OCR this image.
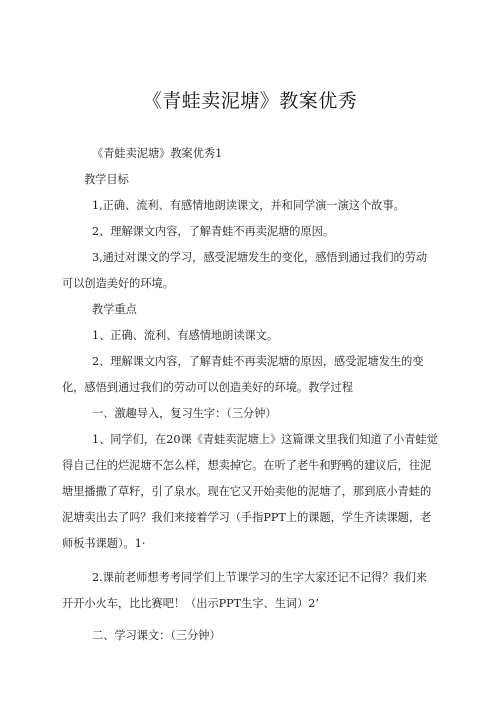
《青蛙卖泥塘》教案优秀
《青蛙卖泥塘》教案优秀1
教学目标
1,正确、流利、有感情地朗读课文，并和同学演一演这个故事。
2、理解课文内容，了解青蛙不再卖泥塘的原因。
3,通过对课文的学习，感受泥塘发生的变化，感悟到通过我们的劳动
可以创造美好的环境。
教学重点
1、正确、流利、有感情地朗读课文。
2、理解课文内容，了解青蛙不再卖泥塘的原因，感受泥塘发生的变
化，感悟到通过我们的劳动可以创造美好的环境。教学过程
一、激趣导入，复习生字：（三分钟）
1、同学们，在20课《青蛙卖泥塘上》这篇课文里我们知道了小青蛙觉
得自己住的烂泥塘不怎么样，想卖掉它。在听了老牛和野鸭的建议后，往泥
塘里播撒了草籽，引了泉水。现在它又开始卖他的泥塘了，那到底小青蛙的
泥塘卖出去了吗？我们来接着学习（手指PPT上的课题，学生齐读课题，老
师板书课题）。1·
2.课前老师想考考同学们上节课学习的生字大家还记不记得？我们来
开开小火车，比比赛吧！（出示PPT生字、生词）2’
二、学习课文：（三分钟）
